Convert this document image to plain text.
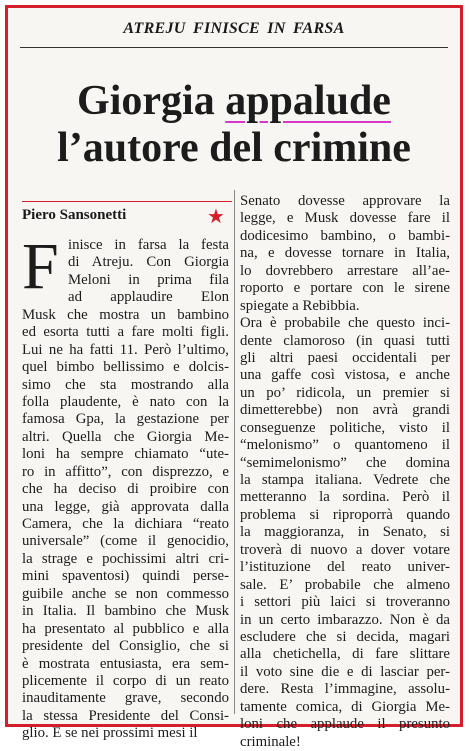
ATREJU FINISCE IN FARSA
Giorgia appalude
l’autore del crimine
Piero Sansonetti	★
F inisce in farsa la festa
di Atreju. Con Giorgia
Meloni in prima fila
ad applaudire Elon
Musk che mostra un bambino
ed esorta tutti a fare molti figli.
Lui ne ha fatti 11. Però l’ultimo,
quel bimbo bellissimo e dolcis-
simo che sta mostrando alla
folla plaudente, è nato con la
famosa Gpa, la gestazione per
altri. Quella che Giorgia Me-
loni ha sempre chiamato “ute-
ro in affitto”, con disprezzo, e
che ha deciso di proibire con
una legge, già approvata dalla
Camera, che la dichiara “reato
universale” (come il genocidio,
la strage e pochissimi altri cri-
mini spaventosi) quindi perse-
guibile anche se non commesso
in Italia. Il bambino che Musk
ha presentato al pubblico e alla
presidente del Consiglio, che si
è mostrata entusiasta, era sem-
plicemente il corpo di un reato
inauditamente grave, secondo
la stessa Presidente del Consi-
glio. E se nei prossimi mesi il
Senato dovesse approvare la
legge, e Musk dovesse fare il
dodicesimo bambino, o bambi-
na, e dovesse tornare in Italia,
lo dovrebbero arrestare all’ae-
roporto e portare con le sirene
spiegate a Rebibbia.
Ora è probabile che questo inci-
dente clamoroso (in quasi tutti
gli altri paesi occidentali per
una gaffe così vistosa, e anche
un po’ ridicola, un premier si
dimetterebbe) non avrà grandi
conseguenze politiche, visto il
“melonismo” o quantomeno il
“semimelonismo” che domina
la stampa italiana. Vedrete che
metteranno la sordina. Però il
problema si riproporrà quando
la maggioranza, in Senato, si
troverà di nuovo a dover votare
l’istituzione del reato univer-
sale. E’ probabile che almeno
i settori più laici si troveranno
in un certo imbarazzo. Non è da
escludere che si decida, magari
alla chetichella, di fare slittare
il voto sine die e di lasciar per-
dere. Resta l’immagine, assolu-
tamente comica, di Giorgia Me-
loni che applaude il presunto
criminale!
